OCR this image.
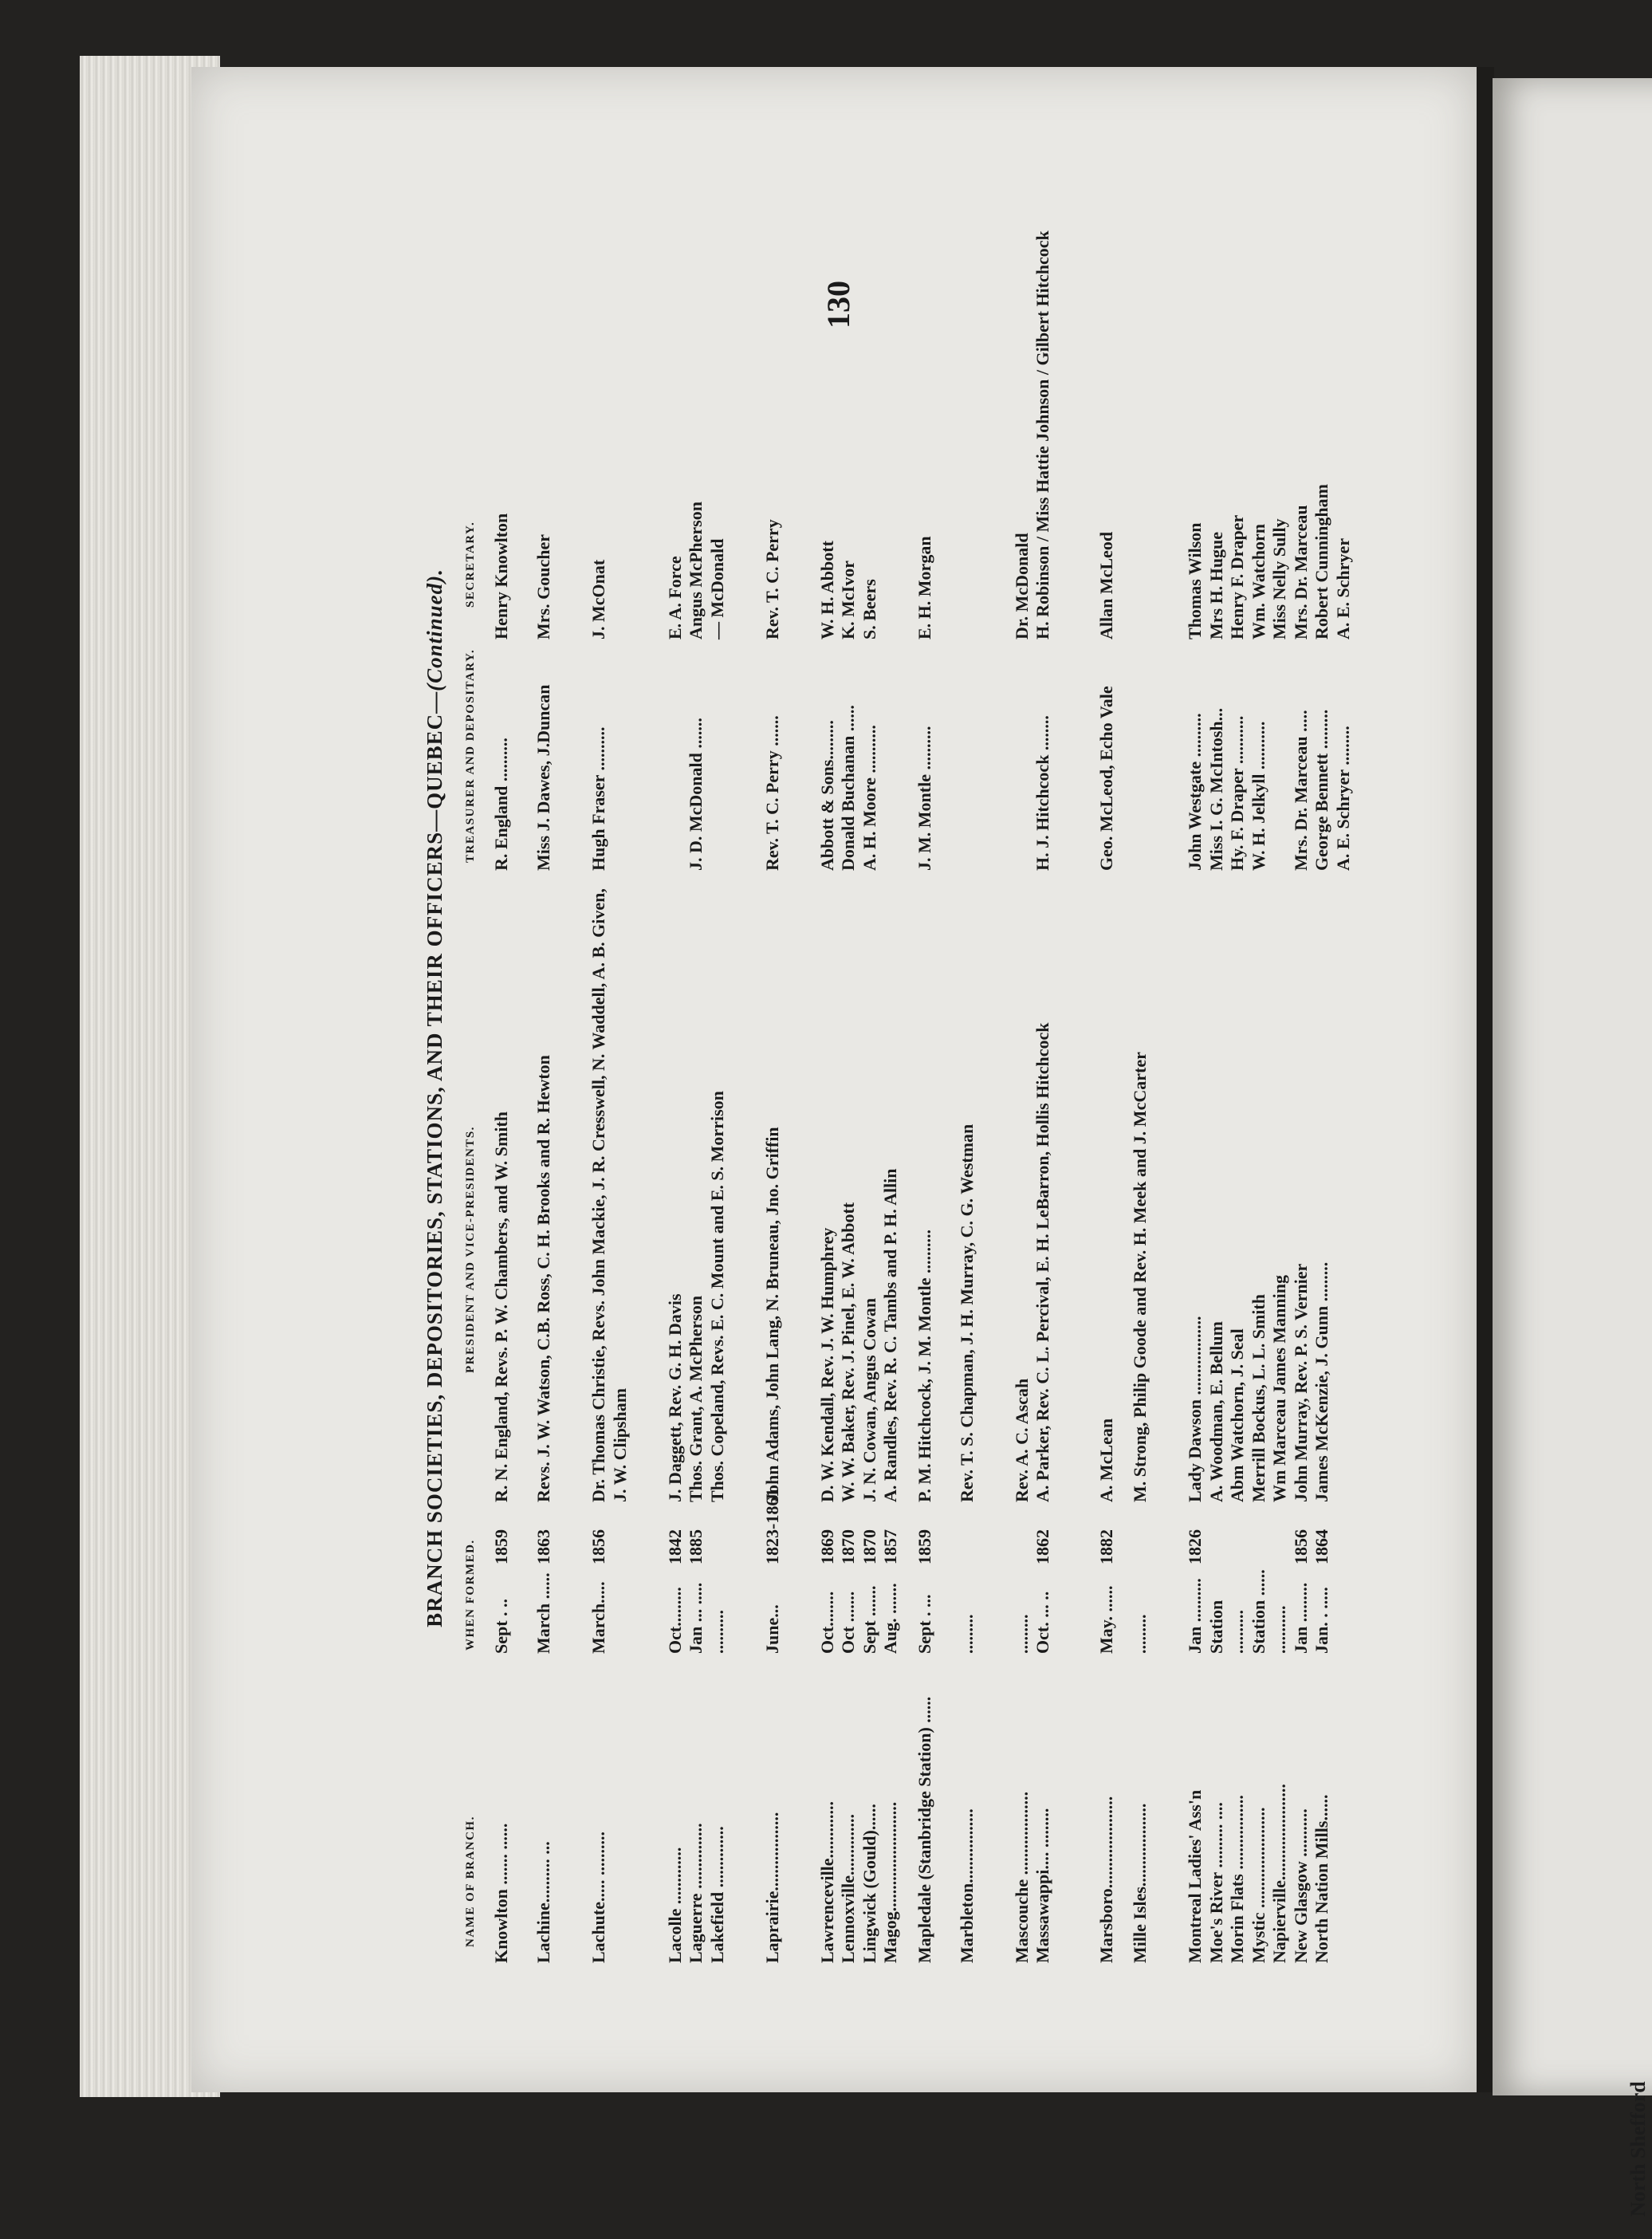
North Shefford
130
BRANCH SOCIETIES, DEPOSITORIES, STATIONS, AND THEIR OFFICERS—QUEBEC—(Continued).
NAME OF BRANCH.
WHEN FORMED.
PRESIDENT AND VICE-PRESIDENTS.
TREASURER AND DEPOSITARY.
SECRETARY.
Knowlton ....... ......
Sept . ..
1859
R. N. England, Revs. P. W. Chambers, and W. Smith
R. England ..........
Henry Knowlton
Lachine.......... ...
March ......
1863
Revs. J. W. Watson, C.B. Ross, C. H. Brooks and R. Hewton
Miss J. Dawes, J.Duncan
Mrs. Goucher
Lachute..... ..........
March.....
1856
Dr. Thomas Christie, Revs. John Mackie, J. R. Cresswell, N. Waddell, A. B. Given, J. W. Clipsham
Hugh Fraser ..........
J. McOnat
Lacolle .............
Oct.........
1842
J. Daggett, Rev. G. H. Davis
E. A. Force
Laguerre ...............
Jan ... .....
1885
Thos. Grant, A. McPherson
J. D. McDonald .......
Angus McPherson
Lakefield ..............
..........
Thos. Copeland, Revs. E. C. Mount and E. S. Morrison
— McDonald
Laprairie..................
June...
1823-1861
John Adams, John Lang, N. Bruneau, Jno. Griffin
Rev. T. C. Perry .......
Rev. T. C. Perry
Lawrenceville.............
Oct........
1869
D. W. Kendall, Rev. J. W. Humphrey
Abbott & Sons.........
W. H. Abbott
Lennoxville..............
Oct .......
1870
W. W. Baker, Rev. J. Pinel, E. W. Abbott
Donald Buchanan ......
K. McIvor
Lingwick (Gould)......
Sept .......
1870
J. N. Cowan, Angus Cowan
A. H. Moore ...........
S. Beers
Magog.........................
Aug. .......
1857
A. Randles, Rev. R. C. Tambs and P. H. Allin
Mapledale (Stanbridge Station) ......
Sept . ...
1859
P. M. Hitchcock, J. M. Montle ..........
J. M. Montle ..........
E. H. Morgan
Marbleton.................
.........
Rev. T. S. Chapman, J. H. Murray, C. G. Westman
Mascouche ...................
.........
Rev. A. C. Ascah
Dr. McDonald
Massawappi.... .........
Oct. ... ..
1862
A. Parker, Rev. C. L. Percival, E. H. LeBarron, Hollis Hitchcock
H. J. Hitchcock ........
H. Robinson / Miss Hattie Johnson / Gilbert Hitchcock
Marsboro.....................
May. ......
1882
A. McLean
Geo. McLeod, Echo Vale
Allan McLeod
Mille Isles...................
.........
M. Strong, Philip Goode and Rev. H. Meek and J. McCarter
Montreal Ladies' Ass'n
Jan ..........
1826
Lady Dawson ..................
John Westgate ..........
Thomas Wilson
Moe's River .......... ....
Station
A. Woodman, E. Bellum
Miss I. G. McIntosh...
Mrs H. Hugue
Morin Flats .................
..........
Abm Watchorn, J. Seal
Hy. F. Draper ...........
Henry F. Draper
Mystic .......................
Station ......
Merrill Bockus, L. L. Smith
W. H. Jelkyll ...........
Wm. Watchorn
Napierville......................
...........
Wm Marceau James Manning
Miss Nelly Sully
New Glasgow ...........
Jan .........
1856
John Murray, Rev. P. S. Vernier
Mrs. Dr. Marceau .....
Mrs. Dr. Marceau
North Nation Mills......
Jan. . .....
1864
James McKenzie, J. Gunn .........
George Bennett .........
Robert Cunningham
A. E. Schryer .........
A. E. Schryer
